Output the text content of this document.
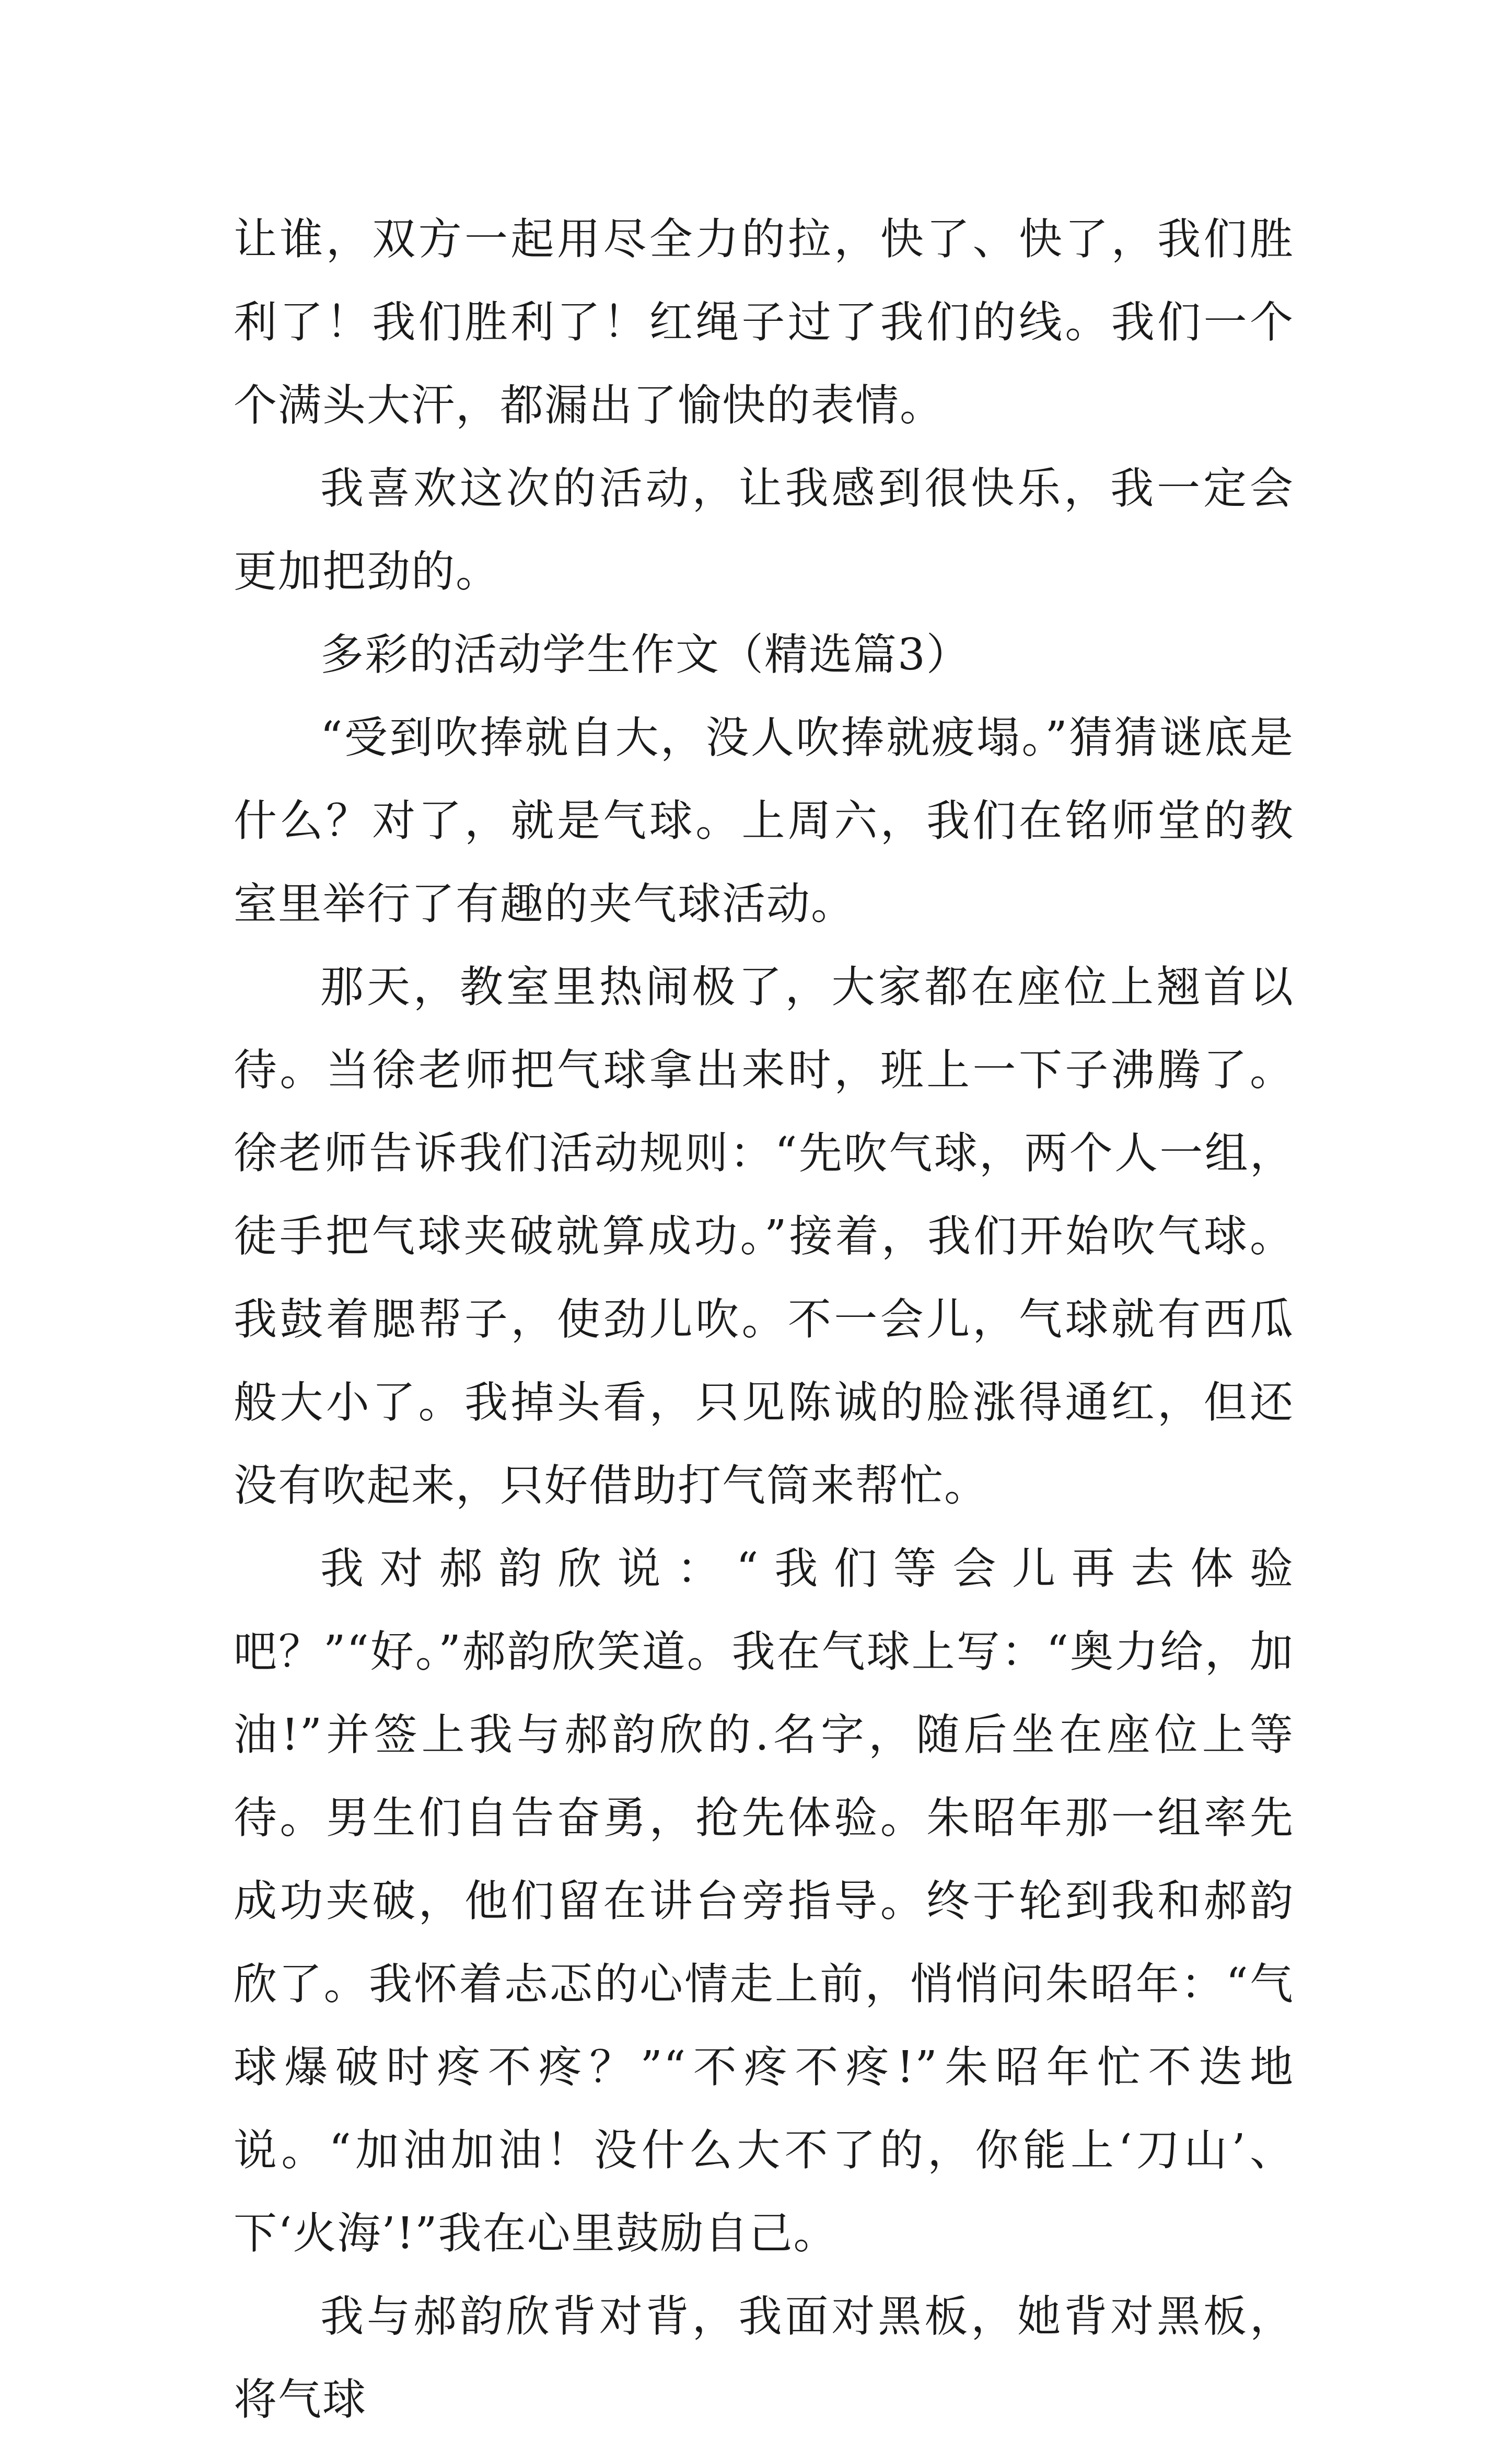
让谁，双方一起用尽全力的拉，快了、快了，我们胜利了！我们胜利了！红绳子过了我们的线。我们一个个满头大汗，都漏出了愉快的表情。

我喜欢这次的活动，让我感到很快乐，我一定会更加把劲的。

多彩的活动学生作文（精选篇3）

“受到吹捧就自大，没人吹捧就疲塌。”猜猜谜底是什么？对了，就是气球。上周六，我们在铭师堂的教室里举行了有趣的夹气球活动。

那天，教室里热闹极了，大家都在座位上翘首以待。当徐老师把气球拿出来时，班上一下子沸腾了。徐老师告诉我们活动规则：“先吹气球，两个人一组，徒手把气球夹破就算成功。”接着，我们开始吹气球。我鼓着腮帮子，使劲儿吹。不一会儿，气球就有西瓜般大小了。我掉头看，只见陈诚的脸涨得通红，但还没有吹起来，只好借助打气筒来帮忙。

我对郝韵欣说：“我们等会儿再去体验吧？”“好。”郝韵欣笑道。我在气球上写：“奥力给，加油!”并签上我与郝韵欣的.名字，随后坐在座位上等待。男生们自告奋勇，抢先体验。朱昭年那一组率先成功夹破，他们留在讲台旁指导。终于轮到我和郝韵欣了。我怀着忐忑的心情走上前，悄悄问朱昭年：“气球爆破时疼不疼？”“不疼不疼!”朱昭年忙不迭地说。“加油加油！没什么大不了的，你能上‘刀山’、下‘火海’!”我在心里鼓励自己。

我与郝韵欣背对背，我面对黑板，她背对黑板，将气球
